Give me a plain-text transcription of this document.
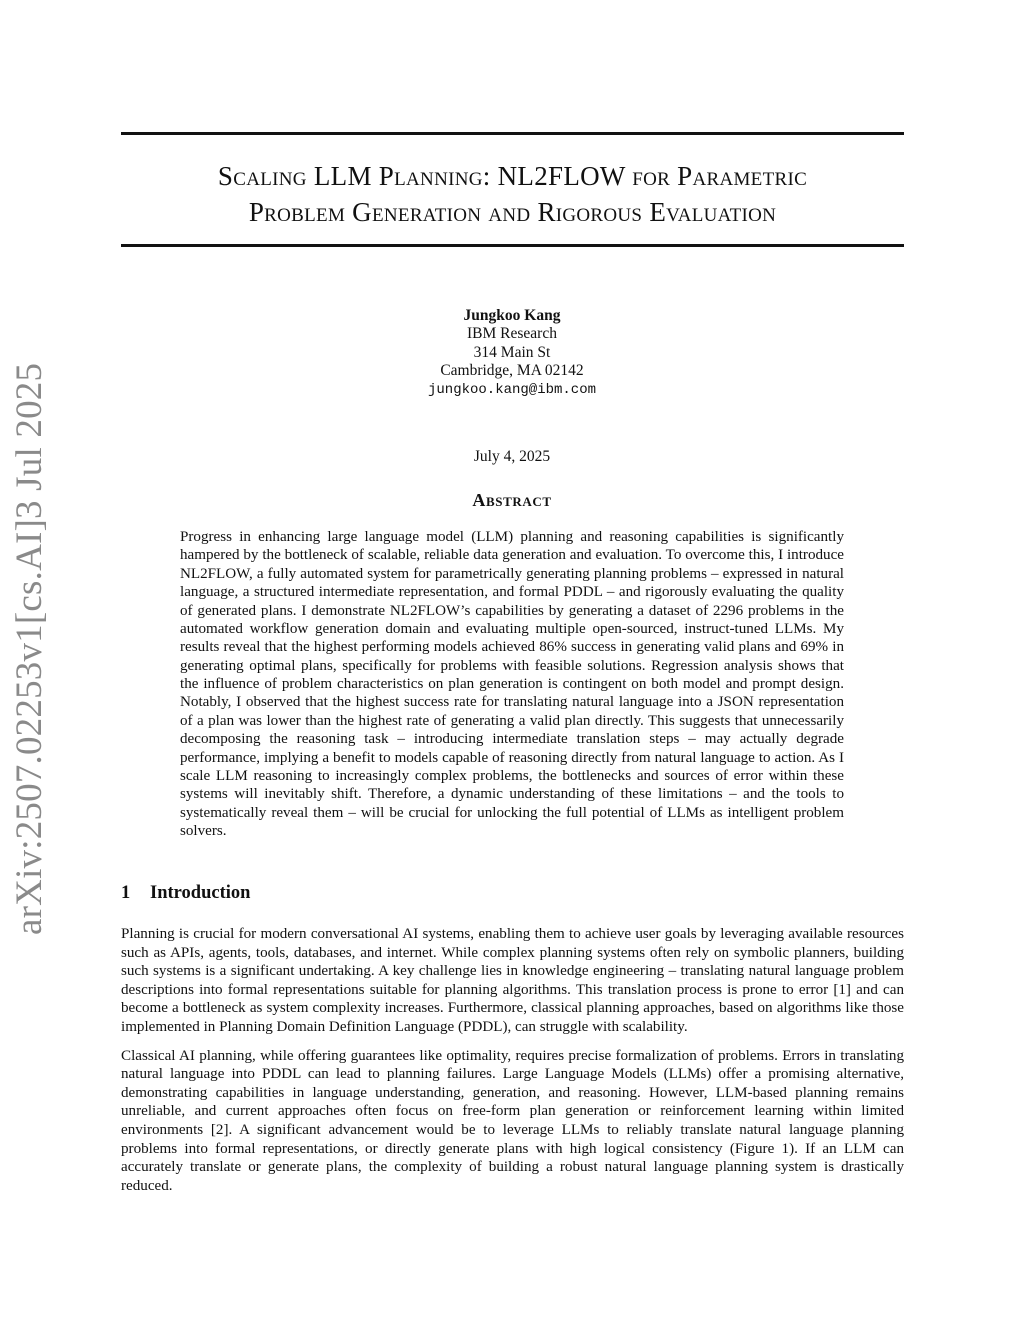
arXiv:2507.02253v1
[cs.AI]
3 Jul 2025
Scaling LLM Planning: NL2FLOW for Parametric
Problem Generation and Rigorous Evaluation
Jungkoo Kang
IBM Research
314 Main St
Cambridge, MA 02142
jungkoo.kang@ibm.com
July 4, 2025
Abstract
Progress in enhancing large language model (LLM) planning and reasoning capabilities is significantly hampered by the bottleneck of scalable, reliable data generation and evaluation. To overcome this, I introduce NL2FLOW, a fully automated system for parametrically generating planning problems – expressed in natural language, a structured intermediate representation, and formal PDDL – and rigorously evaluating the quality of generated plans. I demonstrate NL2FLOW’s capabilities by generating a dataset of 2296 problems in the automated workflow generation domain and evaluating multiple open-sourced, instruct-tuned LLMs. My results reveal that the highest performing models achieved 86% success in generating valid plans and 69% in generating optimal plans, specifically for problems with feasible solutions. Regression analysis shows that the influence of problem characteristics on plan generation is contingent on both model and prompt design. Notably, I observed that the highest success rate for translating natural language into a JSON representation of a plan was lower than the highest rate of generating a valid plan directly. This suggests that unnecessarily decomposing the reasoning task – introducing intermediate translation steps – may actually degrade performance, implying a benefit to models capable of reasoning directly from natural language to action. As I scale LLM reasoning to increasingly complex problems, the bottlenecks and sources of error within these systems will inevitably shift. Therefore, a dynamic understanding of these limitations – and the tools to systematically reveal them – will be crucial for unlocking the full potential of LLMs as intelligent problem solvers.
1 Introduction

Planning is crucial for modern conversational AI systems, enabling them to achieve user goals by leveraging available resources such as APIs, agents, tools, databases, and internet. While complex planning systems often rely on symbolic planners, building such systems is a significant undertaking. A key challenge lies in knowledge engineering – translating natural language problem descriptions into formal representations suitable for planning algorithms. This translation process is prone to error [1] and can become a bottleneck as system complexity increases. Furthermore, classical planning approaches, based on algorithms like those implemented in Planning Domain Definition Language (PDDL), can struggle with scalability.

Classical AI planning, while offering guarantees like optimality, requires precise formalization of problems. Errors in translating natural language into PDDL can lead to planning failures. Large Language Models (LLMs) offer a promising alternative, demonstrating capabilities in language understanding, generation, and reasoning. However, LLM-based planning remains unreliable, and current approaches often focus on free-form plan generation or reinforcement learning within limited environments [2]. A significant advancement would be to leverage LLMs to reliably translate natural language planning problems into formal representations, or directly generate plans with high logical consistency (Figure 1). If an LLM can accurately translate or generate plans, the complexity of building a robust natural language planning system is drastically reduced.
